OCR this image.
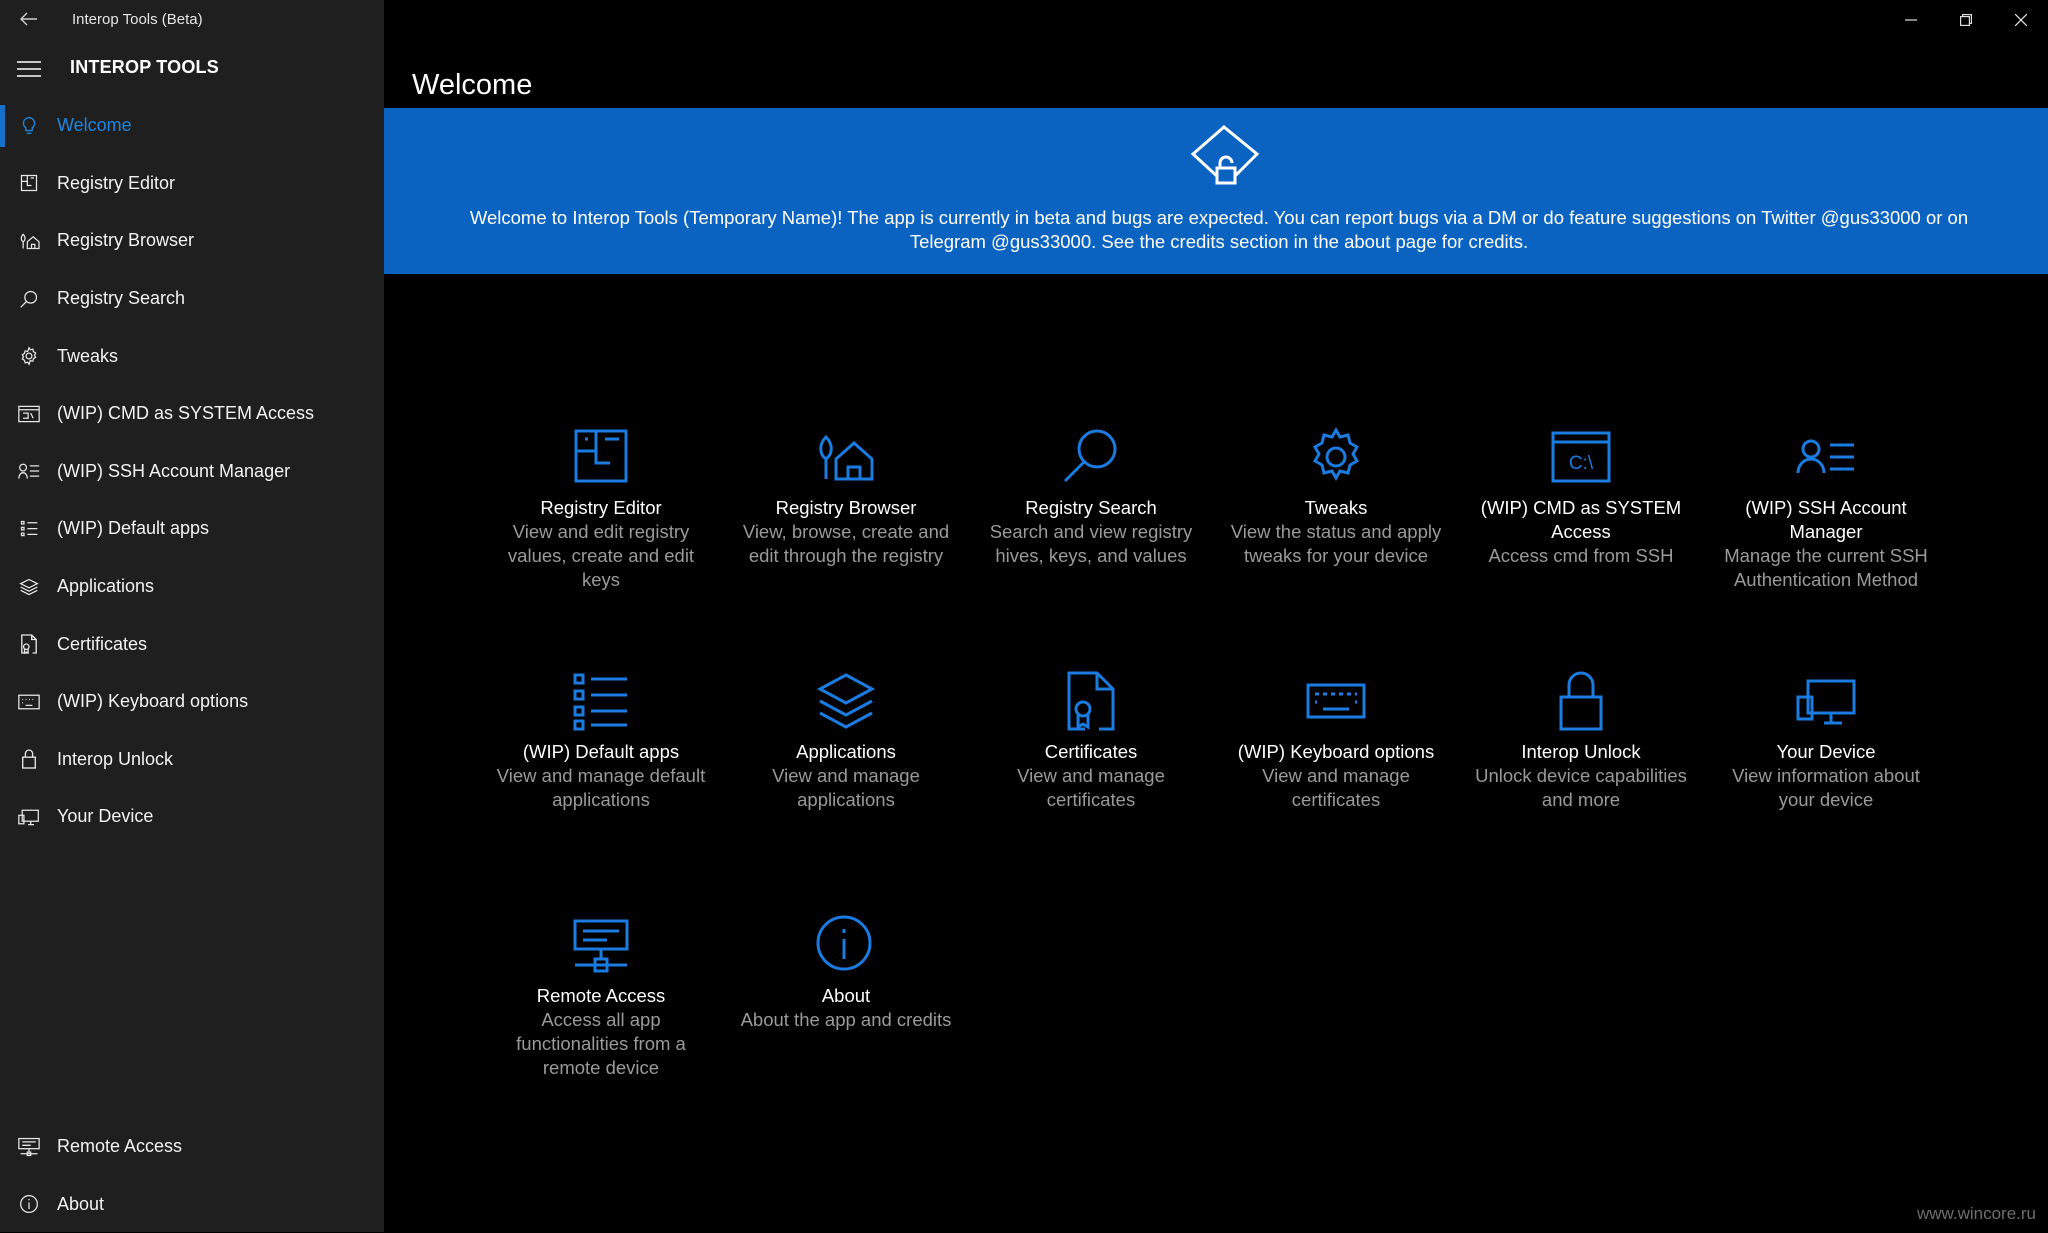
Interop Tools (Beta)
INTEROP TOOLS
Welcome
Registry Editor
Registry Browser
Registry Search
Tweaks
(WIP) CMD as SYSTEM Access
(WIP) SSH Account Manager
(WIP) Default apps
Applications
Certificates
(WIP) Keyboard options
Interop Unlock
Your Device
Remote Access
About
Welcome
Welcome to Interop Tools (Temporary Name)! The app is currently in beta and bugs are expected. You can report bugs via a DM or do feature suggestions on Twitter @gus33000 or on Telegram @gus33000. See the credits section in the about page for credits.
Registry Editor
View and edit registry values, create and edit keys
Registry Browser
View, browse, create and edit through the registry
Registry Search
Search and view registry hives, keys, and values
Tweaks
View the status and apply tweaks for your device
C:\
(WIP) CMD as SYSTEM Access
Access cmd from SSH
(WIP) SSH Account Manager
Manage the current SSH Authentication Method
(WIP) Default apps
View and manage default applications
Applications
View and manage applications
Certificates
View and manage certificates
(WIP) Keyboard options
View and manage certificates
Interop Unlock
Unlock device capabilities and more
Your Device
View information about your device
Remote Access
Access all app functionalities from a remote device
About
About the app and credits
www.wincore.ru
